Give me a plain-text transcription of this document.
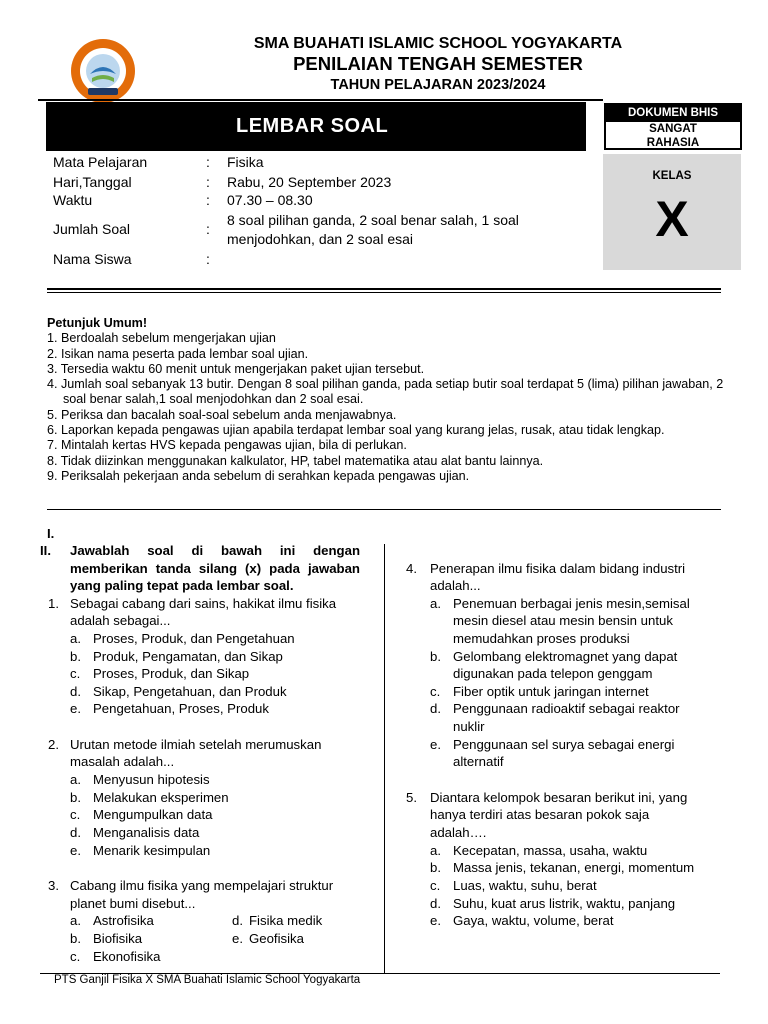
SMA BUAHATI ISLAMIC SCHOOL YOGYAKARTA
PENILAIAN TENGAH SEMESTER
TAHUN PELAJARAN 2023/2024
LEMBAR SOAL
DOKUMEN BHIS
SANGAT
RAHASIA
KELAS
X
Mata Pelajaran	: Fisika
Hari,Tanggal	: Rabu, 20 September 2023
Waktu	: 07.30 – 08.30
Jumlah Soal	:
8 soal pilihan ganda, 2 soal benar salah, 1 soal
menjodohkan, dan 2 soal esai
Nama Siswa	:
Petunjuk Umum!
1. Berdoalah sebelum mengerjakan ujian
2. Isikan nama peserta pada lembar soal ujian.
3. Tersedia waktu 60 menit untuk mengerjakan paket ujian tersebut.
4. Jumlah soal sebanyak 13 butir. Dengan 8 soal pilihan ganda, pada setiap butir soal terdapat 5 (lima) pilihan jawaban, 2 soal benar salah,1 soal menjodohkan dan 2 soal esai.
5. Periksa dan bacalah soal-soal sebelum anda menjawabnya.
6. Laporkan kepada pengawas ujian apabila terdapat lembar soal yang kurang jelas, rusak, atau tidak lengkap.
7. Mintalah kertas HVS kepada pengawas ujian, bila di perlukan.
8. Tidak diizinkan menggunakan kalkulator, HP, tabel matematika atau alat bantu lainnya.
9. Periksalah pekerjaan anda sebelum di serahkan kepada pengawas ujian.
I.
II. Jawablah soal di bawah ini dengan
memberikan tanda silang (x) pada jawaban
yang paling tepat pada lembar soal.
1. Sebagai cabang dari sains, hakikat ilmu fisika
adalah sebagai...
a. Proses, Produk, dan Pengetahuan
b. Produk, Pengamatan, dan Sikap
c. Proses, Produk, dan Sikap
d. Sikap, Pengetahuan, dan Produk
e. Pengetahuan, Proses, Produk
2. Urutan metode ilmiah setelah merumuskan
masalah adalah...
a. Menyusun hipotesis
b. Melakukan eksperimen
c. Mengumpulkan data
d. Menganalisis data
e. Menarik kesimpulan
3. Cabang ilmu fisika yang mempelajari struktur
planet bumi disebut...
a. Astrofisika
b. Biofisika
c. Ekonofisika
d. Fisika medik
e. Geofisika
4. Penerapan ilmu fisika dalam bidang industri
adalah...
a. Penemuan berbagai jenis mesin,semisal
mesin diesel atau mesin bensin untuk
memudahkan proses produksi
b. Gelombang elektromagnet yang dapat
digunakan pada telepon genggam
c. Fiber optik untuk jaringan internet
d. Penggunaan radioaktif sebagai reaktor
nuklir
e. Penggunaan sel surya sebagai energi
alternatif
5. Diantara kelompok besaran berikut ini, yang
hanya terdiri atas besaran pokok saja
adalah….
a. Kecepatan, massa, usaha, waktu
b. Massa jenis, tekanan, energi, momentum
c. Luas, waktu, suhu, berat
d. Suhu, kuat arus listrik, waktu, panjang
e. Gaya, waktu, volume, berat
PTS Ganjil Fisika X SMA Buahati Islamic School Yogyakarta
